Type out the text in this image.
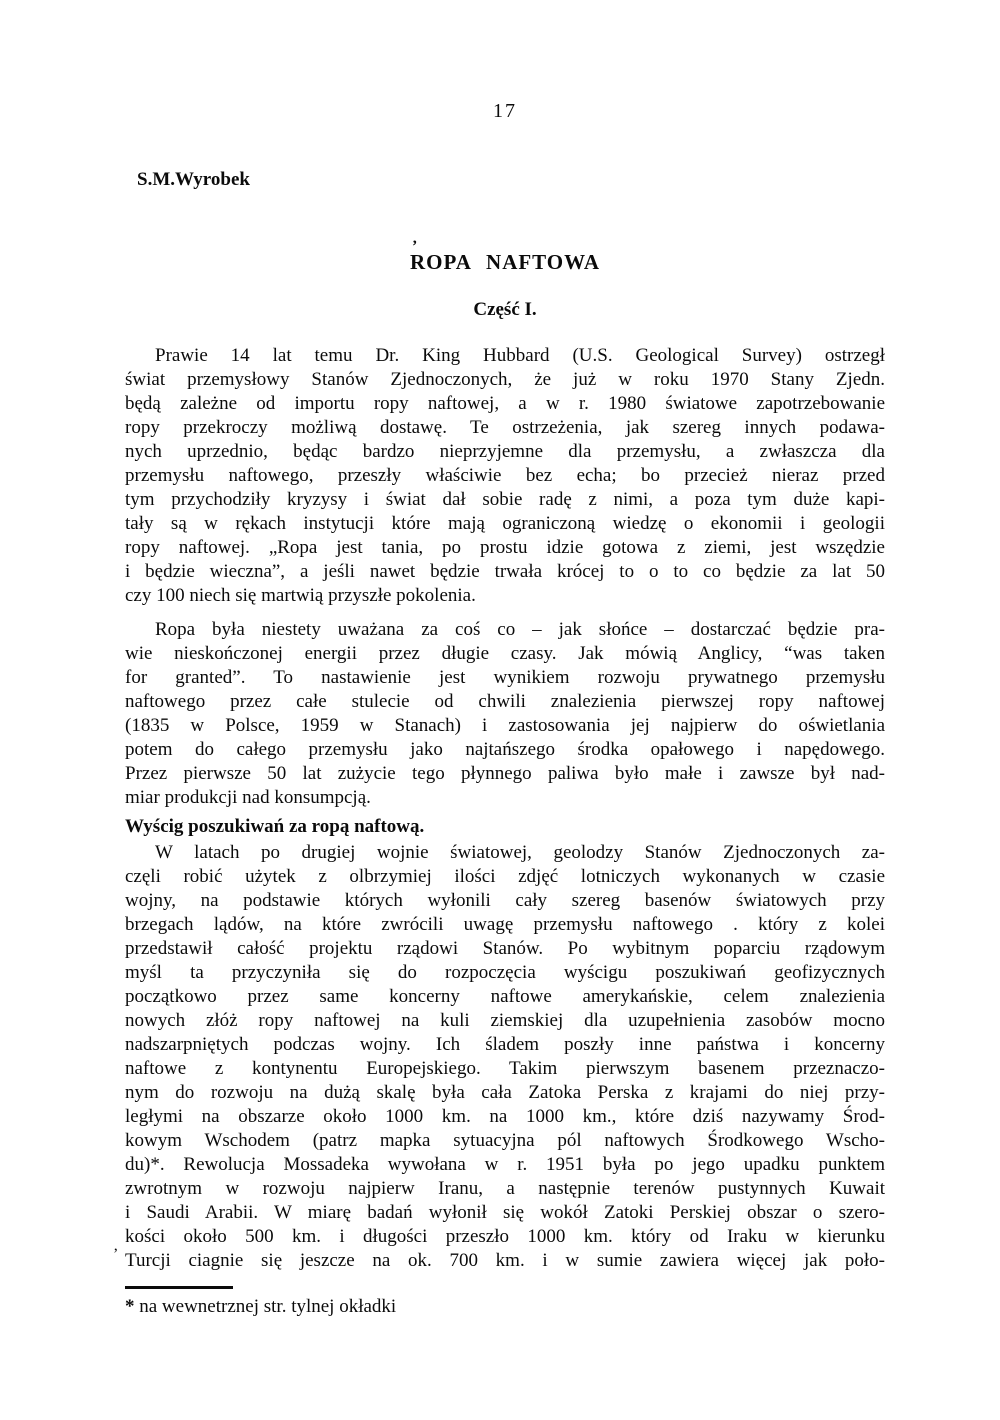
17
S.M.Wyrobek
’
ROPA NAFTOWA
Część I.
Prawie 14 lat temu Dr. King Hubbard (U.S. Geological Survey) ostrzegł
świat przemysłowy Stanów Zjednoczonych, że już w roku 1970 Stany Zjedn.
będą zależne od importu ropy naftowej, a w r. 1980 światowe zapotrzebowanie
ropy przekroczy możliwą dostawę. Te ostrzeżenia, jak szereg innych podawa-
nych uprzednio, będąc bardzo nieprzyjemne dla przemysłu, a zwłaszcza dla
przemysłu naftowego, przeszły właściwie bez echa; bo przecież nieraz przed
tym przychodziły kryzysy i świat dał sobie radę z nimi, a poza tym duże kapi-
tały są w rękach instytucji które mają ograniczoną wiedzę o ekonomii i geologii
ropy naftowej. „Ropa jest tania, po prostu idzie gotowa z ziemi, jest wszędzie
i będzie wieczna”, a jeśli nawet będzie trwała krócej to o to co będzie za lat 50
czy 100 niech się martwią przyszłe pokolenia.
Ropa była niestety uważana za coś co – jak słońce – dostarczać będzie pra-
wie nieskończonej energii przez długie czasy. Jak mówią Anglicy, “was taken
for granted”. To nastawienie jest wynikiem rozwoju prywatnego przemysłu
naftowego przez całe stulecie od chwili znalezienia pierwszej ropy naftowej
(1835 w Polsce, 1959 w Stanach) i zastosowania jej najpierw do oświetlania
potem do całego przemysłu jako najtańszego środka opałowego i napędowego.
Przez pierwsze 50 lat zużycie tego płynnego paliwa było małe i zawsze był nad-
miar produkcji nad konsumpcją.
Wyścig poszukiwań za ropą naftową.
W latach po drugiej wojnie światowej, geolodzy Stanów Zjednoczonych za-
częli robić użytek z olbrzymiej ilości zdjęć lotniczych wykonanych w czasie
wojny, na podstawie których wyłonili cały szereg basenów światowych przy
brzegach lądów, na które zwrócili uwagę przemysłu naftowego . który z kolei
przedstawił całość projektu rządowi Stanów. Po wybitnym poparciu rządowym
myśl ta przyczyniła się do rozpoczęcia wyścigu poszukiwań geofizycznych
początkowo przez same koncerny naftowe amerykańskie, celem znalezienia
nowych złóż ropy naftowej na kuli ziemskiej dla uzupełnienia zasobów mocno
nadszarpniętych podczas wojny. Ich śladem poszły inne państwa i koncerny
naftowe z kontynentu Europejskiego. Takim pierwszym basenem przeznaczo-
nym do rozwoju na dużą skalę była cała Zatoka Perska z krajami do niej przy-
ległymi na obszarze około 1000 km. na 1000 km., które dziś nazywamy Środ-
kowym Wschodem (patrz mapka sytuacyjna pól naftowych Środkowego Wscho-
du)*. Rewolucja Mossadeka wywołana w r. 1951 była po jego upadku punktem
zwrotnym w rozwoju najpierw Iranu, a następnie terenów pustynnych Kuwait
i Saudi Arabii. W miarę badań wyłonił się wokół Zatoki Perskiej obszar o szero-
kości około 500 km. i długości przeszło 1000 km. który od Iraku w kierunku
Turcji ciagnie się jeszcze na ok. 700 km. i w sumie zawiera więcej jak poło-
* na wewnetrznej str. tylnej okładki
’
